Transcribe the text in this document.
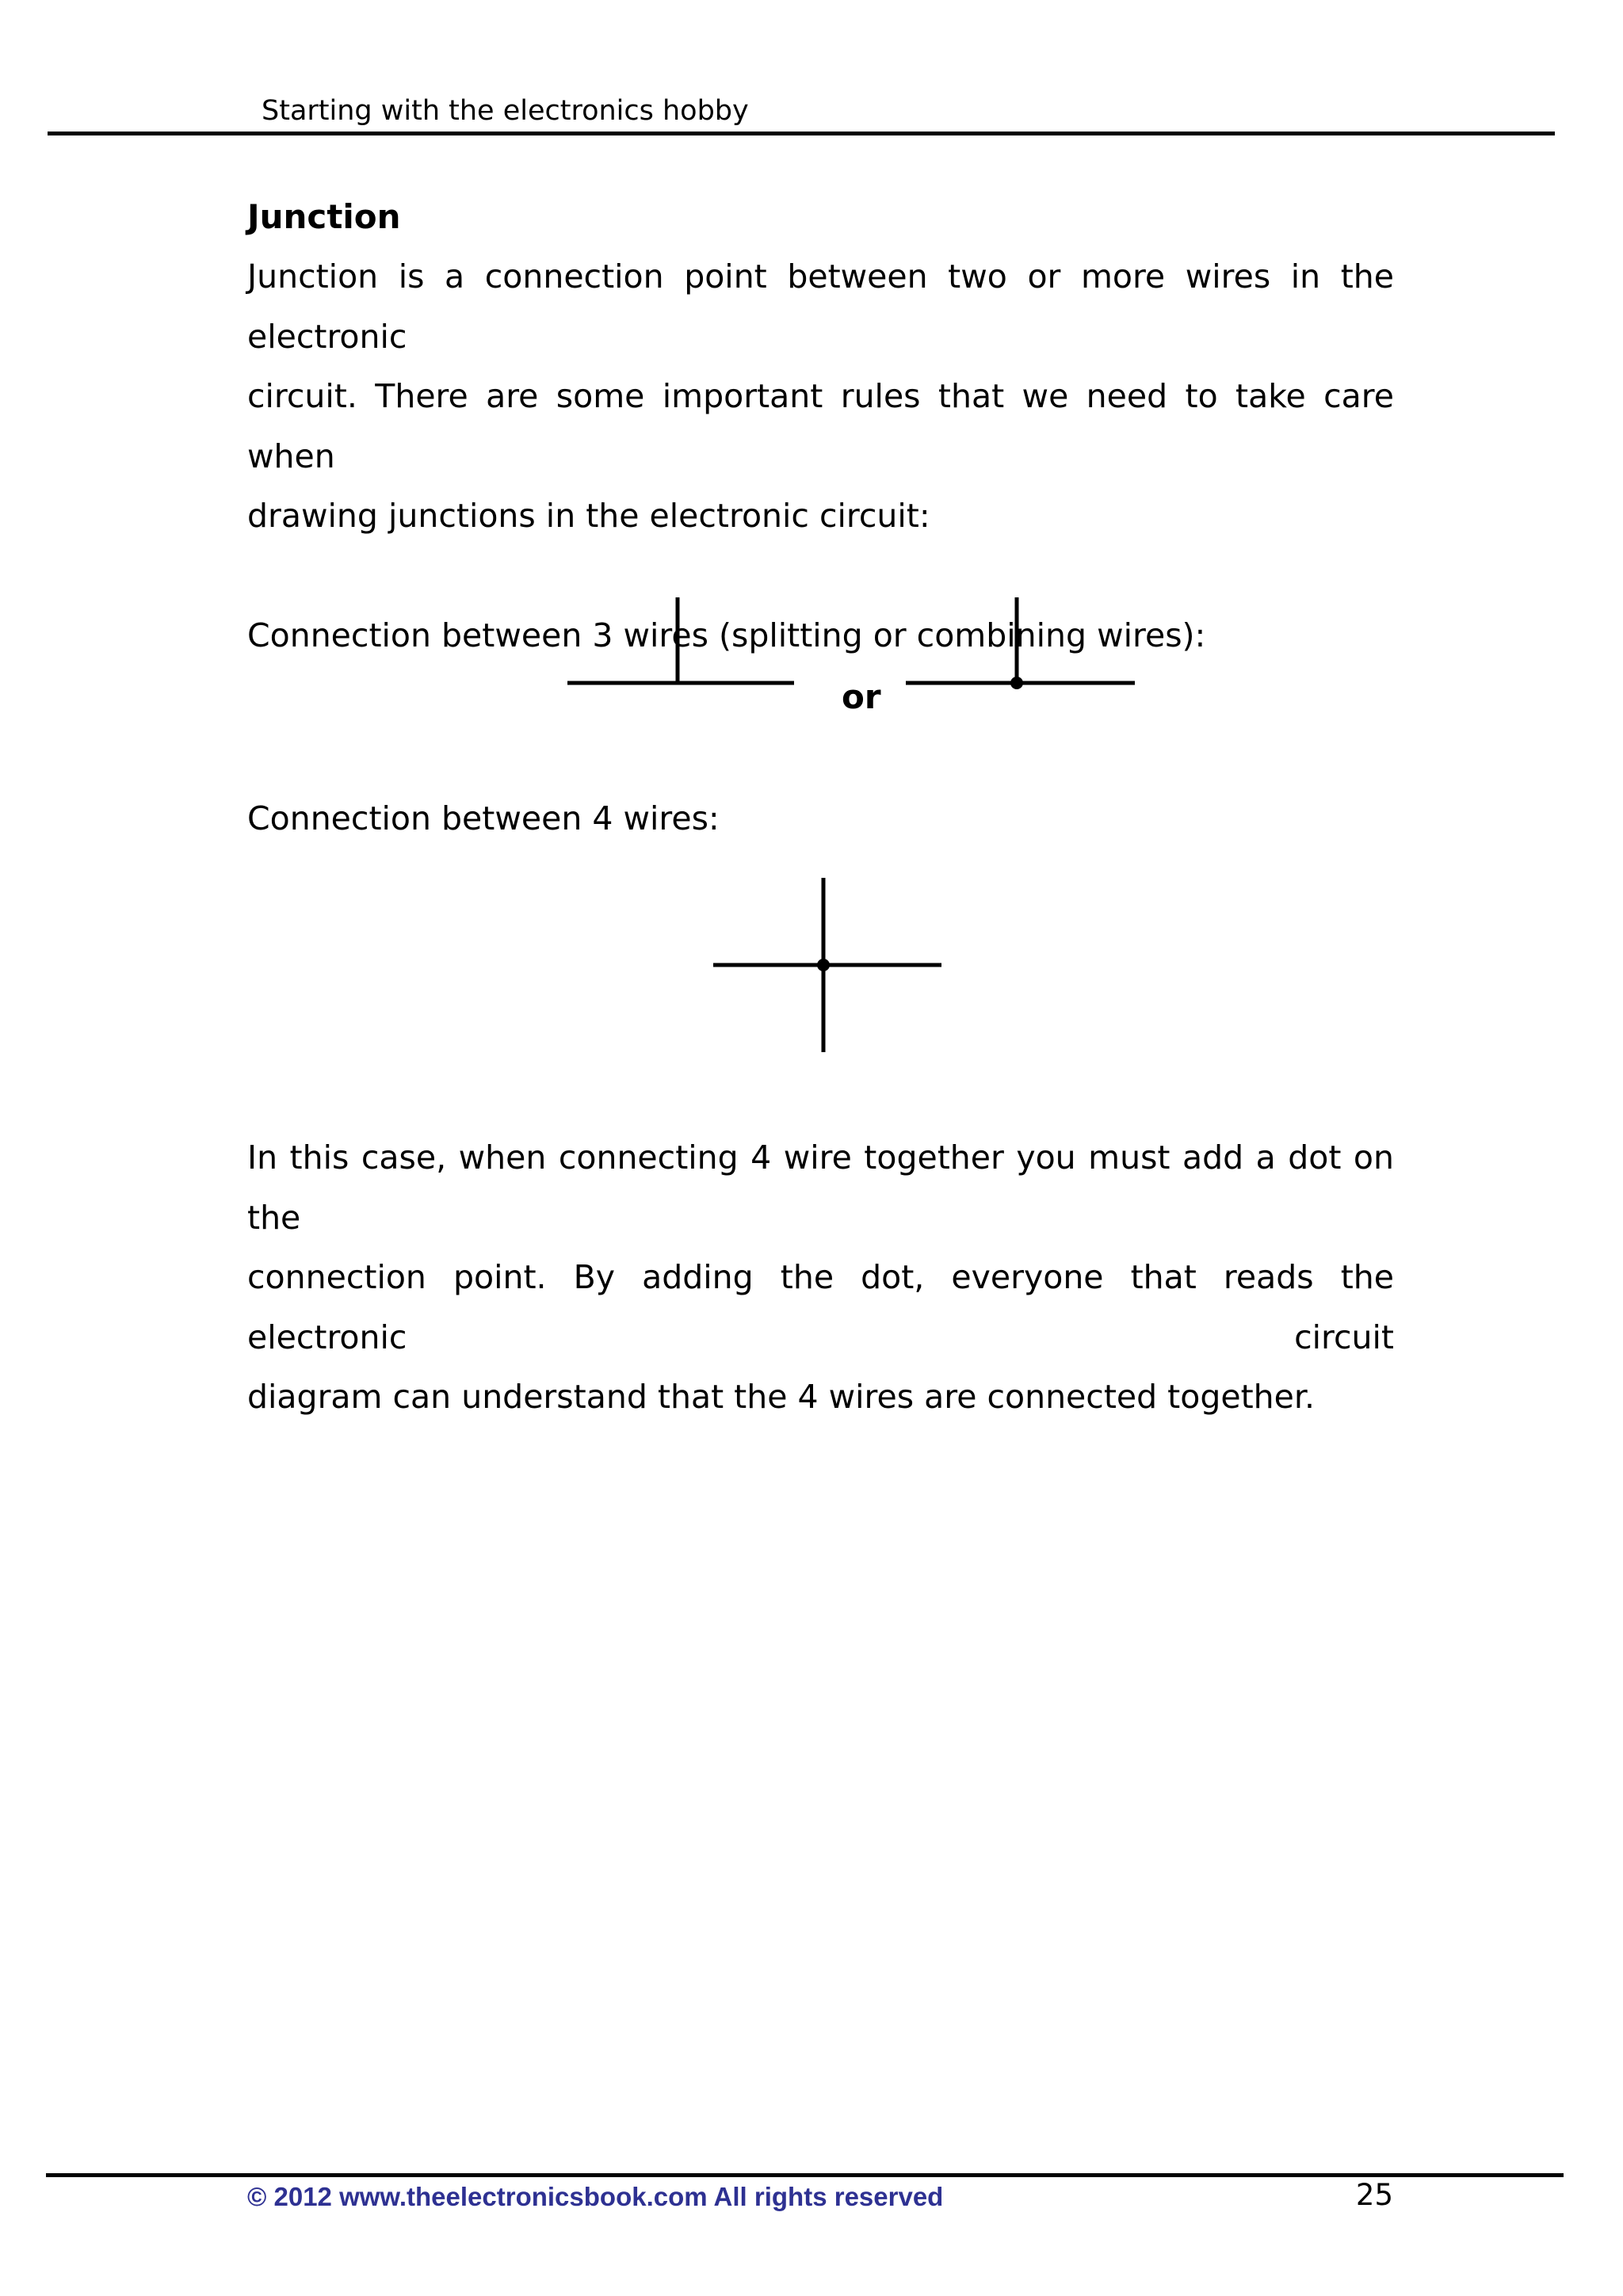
Starting with the electronics hobby
Junction

Junction is a connection point between two or more wires in the electronic

circuit. There are some important rules that we need to take care when

drawing junctions in the electronic circuit:

Connection between 3 wires (splitting or combining wires):

or
Connection between 4 wires:

In this case, when connecting 4 wire together you must add a dot on the

connection point. By adding the dot, everyone that reads the electronic circuit

diagram can understand that the 4 wires are connected together.

© 2012 www.theelectronicsbook.com All rights reserved	25
